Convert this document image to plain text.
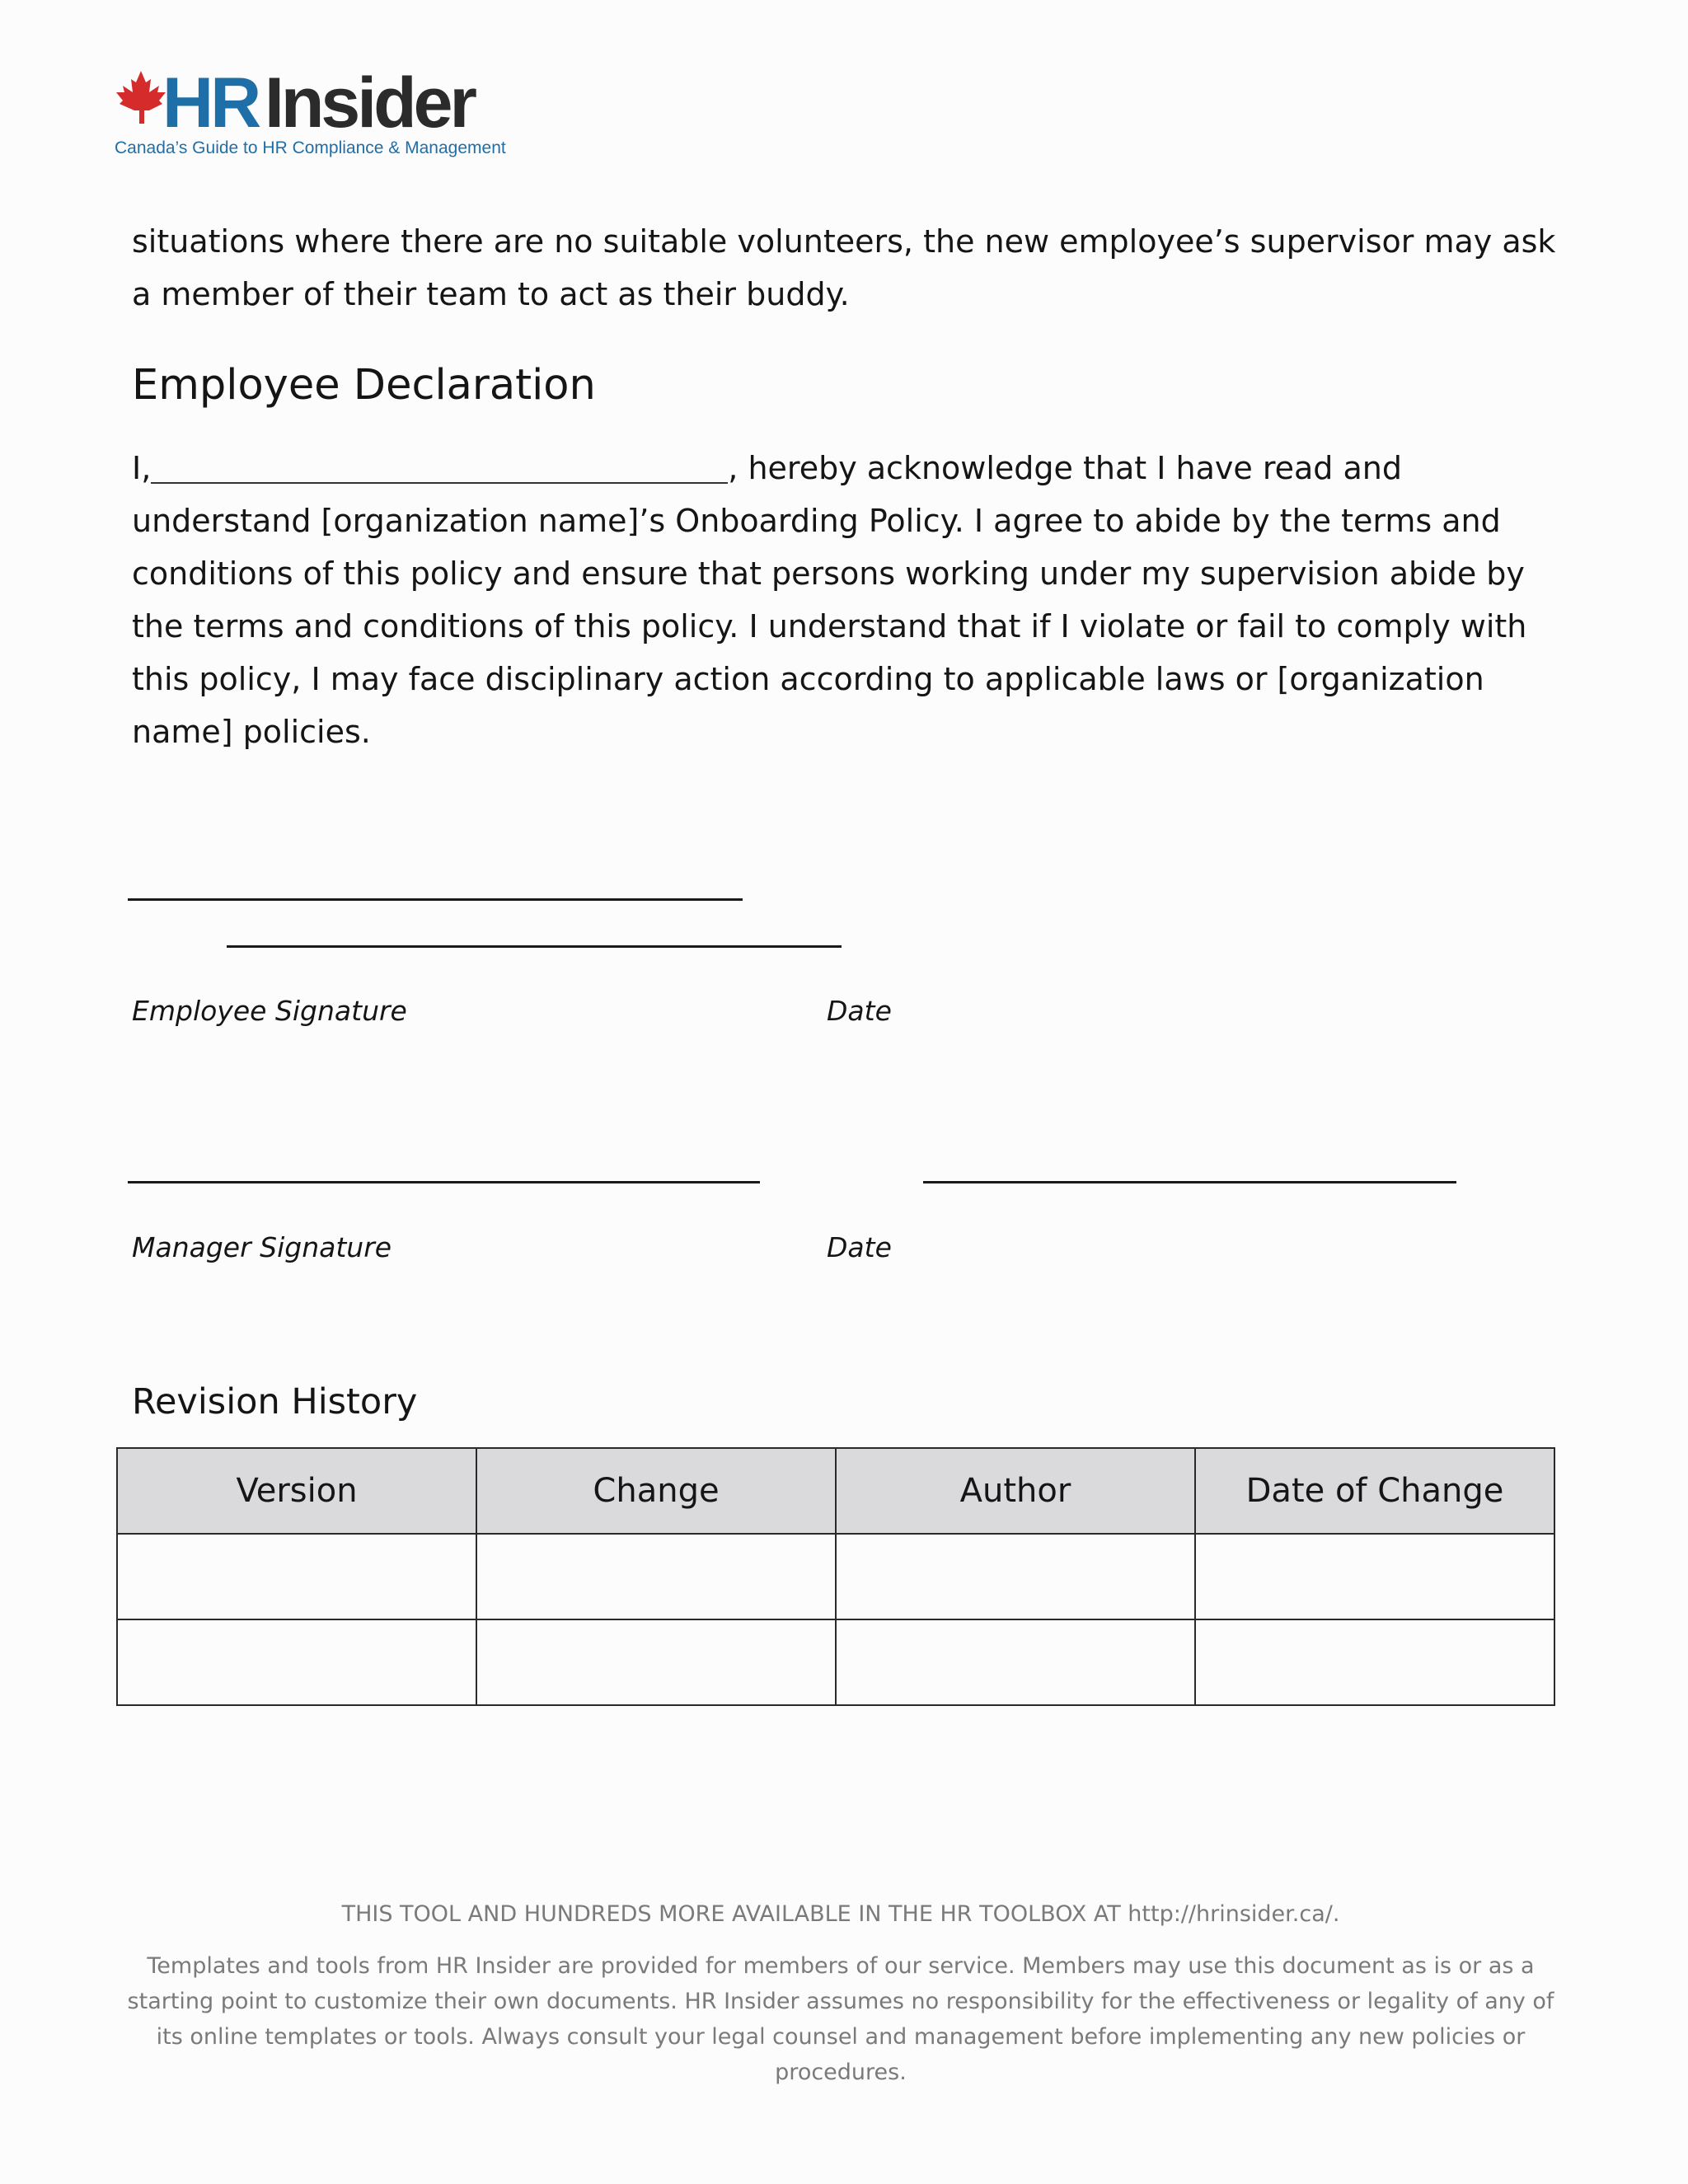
HR Insider
Canada’s Guide to HR Compliance & Management

situations where there are no suitable volunteers, the new employee’s supervisor may ask a member of their team to act as their buddy.

Employee Declaration

I,	, hereby acknowledge that I have read and understand [organization name]’s Onboarding Policy. I agree to abide by the terms and conditions of this policy and ensure that persons working under my supervision abide by the terms and conditions of this policy. I understand that if I violate or fail to comply with this policy, I may face disciplinary action according to applicable laws or [organization name] policies.

Employee Signature	Date

Manager Signature	Date

Revision History
Version	Change	Author	Date of Change

THIS TOOL AND HUNDREDS MORE AVAILABLE IN THE HR TOOLBOX AT http://hrinsider.ca/.

Templates and tools from HR Insider are provided for members of our service. Members may use this document as is or as a starting point to customize their own documents. HR Insider assumes no responsibility for the effectiveness or legality of any of its online templates or tools. Always consult your legal counsel and management before implementing any new policies or procedures.
